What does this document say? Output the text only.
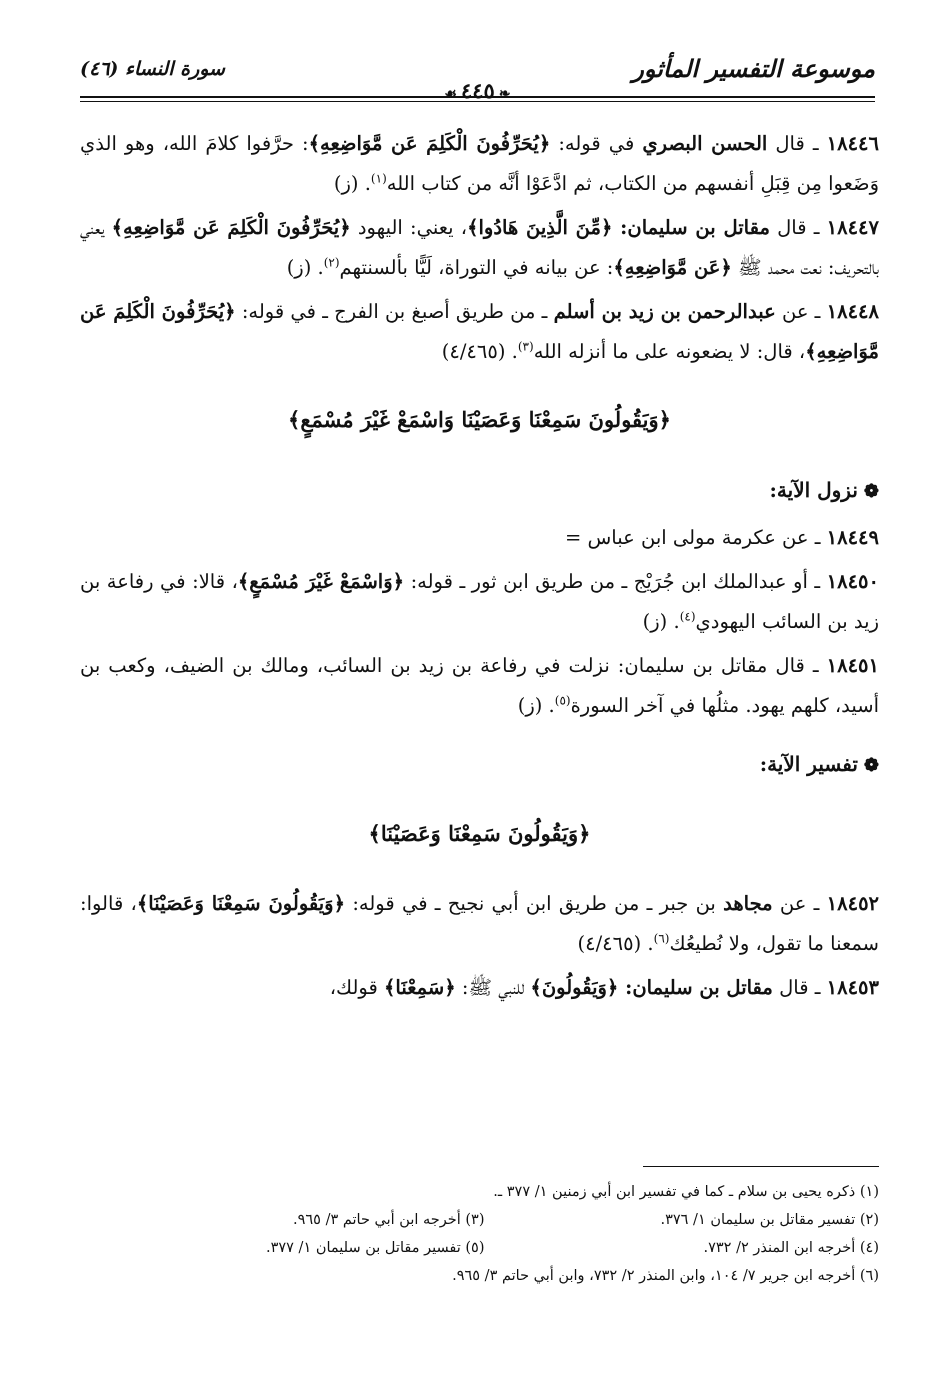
موسوعة التفسير المأثور
❧٤٤٥☙
سورة النساء (٤٦)

١٨٤٤٦ ـ قال الحسن البصري في قوله: ﴿يُحَرِّفُونَ الْكَلِمَ عَن مَّوَاضِعِهِ﴾: حرَّفوا كلامَ الله، وهو الذي وَضَعوا مِن قِبَلِ أنفسهم من الكتاب، ثم ادَّعَوْا أنَّه من كتاب الله$^{(١)}$. (ز)

١٨٤٤٧ ـ قال مقاتل بن سليمان: ﴿مِّنَ الَّذِينَ هَادُوا﴾، يعني: اليهود ﴿يُحَرِّفُونَ الْكَلِمَ عَن مَّوَاضِعِهِ﴾ يعني بالتحريف: نعت محمد ﷺ ﴿عَن مَّوَاضِعِهِ﴾: عن بيانه في التوراة، لَيًّا بألسنتهم$^{(٢)}$. (ز)

١٨٤٤٨ ـ عن عبدالرحمن بن زيد بن أسلم ـ من طريق أصبغ بن الفرج ـ في قوله: ﴿يُحَرِّفُونَ الْكَلِمَ عَن مَّوَاضِعِهِ﴾، قال: لا يضعونه على ما أنزله الله$^{(٣)}$. (٤/٤٦٥)

﴿وَيَقُولُونَ سَمِعْنَا وَعَصَيْنَا وَاسْمَعْ غَيْرَ مُسْمَعٍ﴾
❁نزول الآية:

١٨٤٤٩ ـ عن عكرمة مولى ابن عباس =

١٨٤٥٠ ـ أو عبدالملك ابن جُرَيْج ـ من طريق ابن ثور ـ قوله: ﴿وَاسْمَعْ غَيْرَ مُسْمَعٍ﴾، قالا: في رفاعة بن زيد بن السائب اليهودي$^{(٤)}$. (ز)

١٨٤٥١ ـ قال مقاتل بن سليمان: نزلت في رفاعة بن زيد بن السائب، ومالك بن الضيف، وكعب بن أسيد، كلهم يهود. مثلُها في آخر السورة$^{(٥)}$. (ز)

❁تفسير الآية:
﴿وَيَقُولُونَ سَمِعْنَا وَعَصَيْنَا﴾

١٨٤٥٢ ـ عن مجاهد بن جبر ـ من طريق ابن أبي نجيح ـ في قوله: ﴿وَيَقُولُونَ سَمِعْنَا وَعَصَيْنَا﴾، قالوا: سمعنا ما تقول، ولا نُطيعُك$^{(٦)}$. (٤/٤٦٥)

١٨٤٥٣ ـ قال مقاتل بن سليمان: ﴿وَيَقُولُونَ﴾ للنبي ﷺ: ﴿سَمِعْنَا﴾ قولك،

(١) ذكره يحيى بن سلام ـ كما في تفسير ابن أبي زمنين ١/ ٣٧٧ ـ.
(٢) تفسير مقاتل بن سليمان ١/ ٣٧٦.
(٣) أخرجه ابن أبي حاتم ٣/ ٩٦٥.
(٤) أخرجه ابن المنذر ٢/ ٧٣٢.
(٥) تفسير مقاتل بن سليمان ١/ ٣٧٧.
(٦) أخرجه ابن جرير ٧/ ١٠٤، وابن المنذر ٢/ ٧٣٢، وابن أبي حاتم ٣/ ٩٦٥.
